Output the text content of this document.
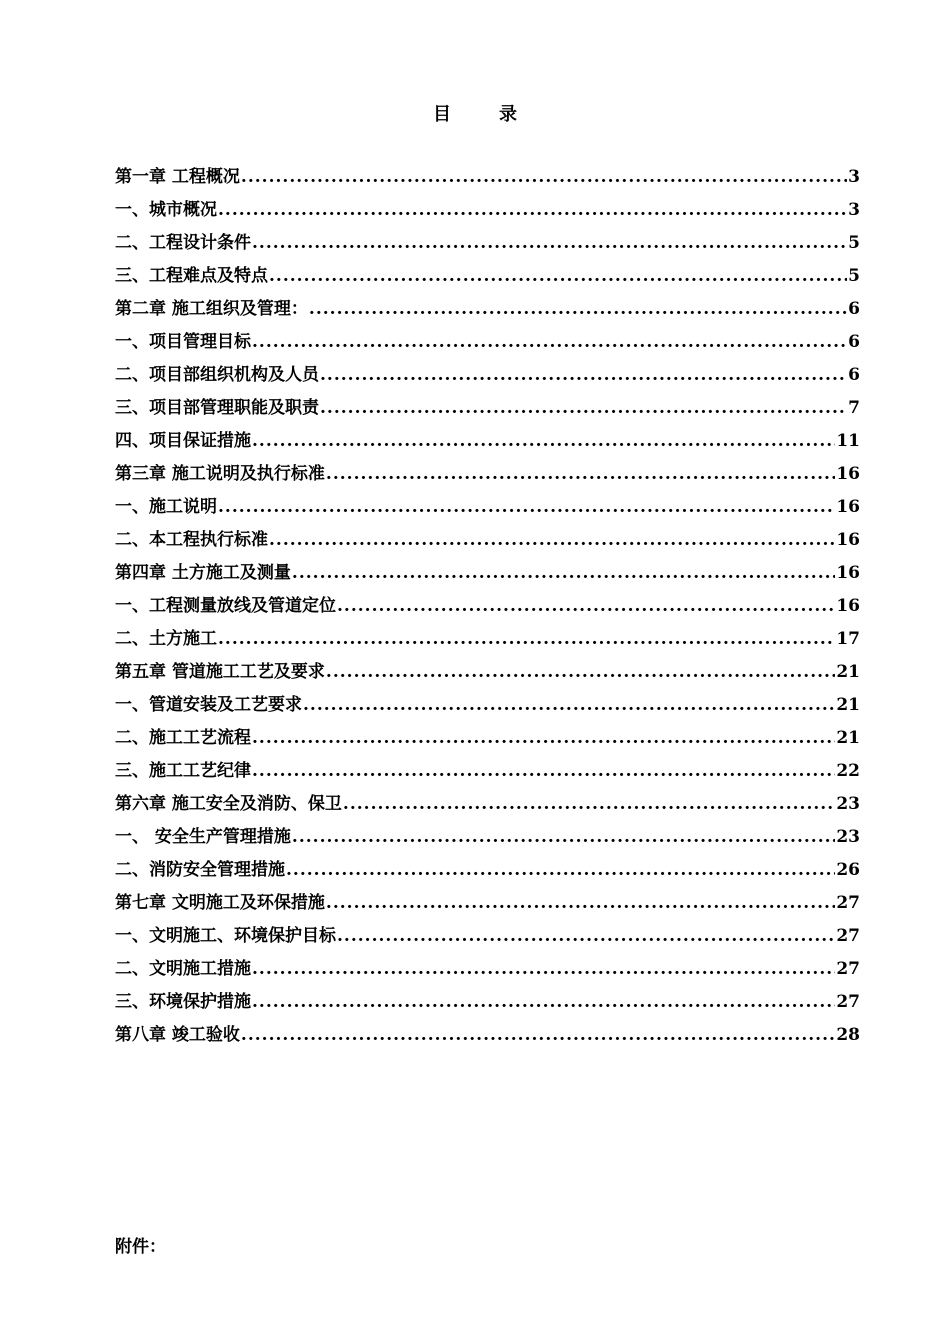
目	录
第一章 工程概况 .....	3
一、城市概况 .....	3
二、工程设计条件 .....	5
三、工程难点及特点 .....	5
第二章 施工组织及管理： .....	6
一、项目管理目标 .....	6
二、项目部组织机构及人员 .....	6
三、项目部管理职能及职责 .....	7
四、项目保证措施 .....	11
第三章 施工说明及执行标准 .....	16
一、施工说明 .....	16
二、本工程执行标准 .....	16
第四章 土方施工及测量 .....	16
一、工程测量放线及管道定位 .....	16
二、土方施工 .....	17
第五章 管道施工工艺及要求 .....	21
一、管道安装及工艺要求 .....	21
二、施工工艺流程 .....	21
三、施工工艺纪律 .....	22
第六章 施工安全及消防、保卫 .....	23
一、 安全生产管理措施 .....	23
二、消防安全管理措施 .....	26
第七章 文明施工及环保措施 .....	27
一、文明施工、环境保护目标 .....	27
二、文明施工措施 .....	27
三、环境保护措施 .....	27
第八章 竣工验收 .....	28
附件：
